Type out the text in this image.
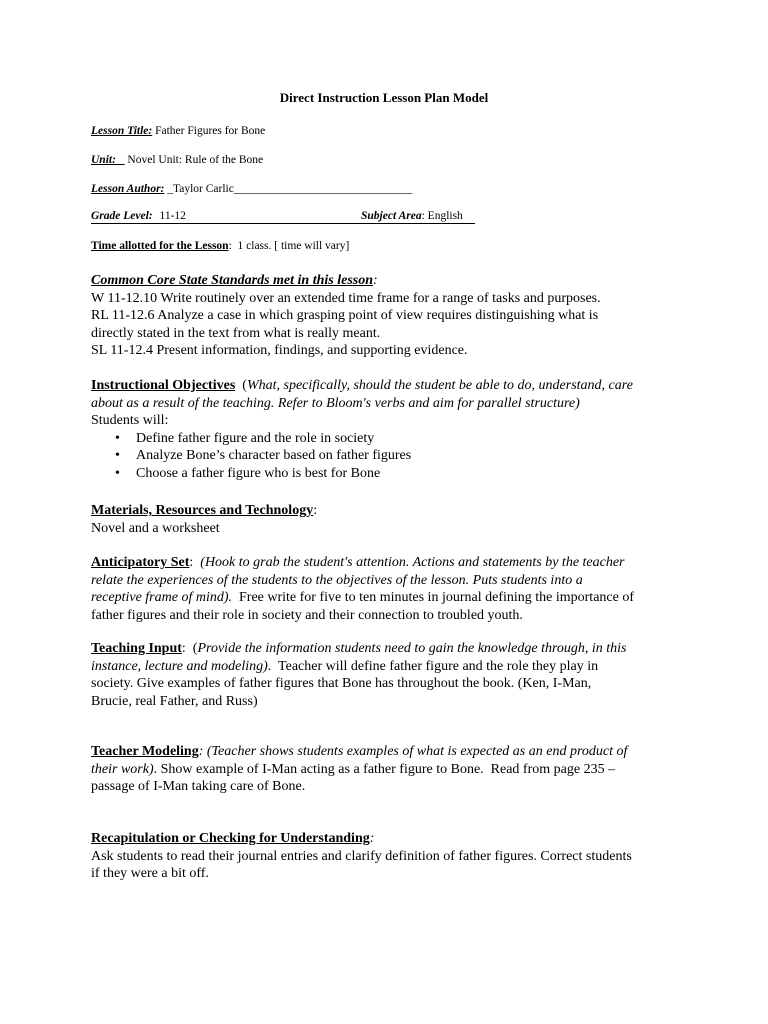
Direct Instruction Lesson Plan Model
Lesson Title: Father Figures for Bone
Unit: Novel Unit: Rule of the Bone
Lesson Author: _Taylor Carlic_______________________________
Grade Level: 11-12	Subject Area: English
Time allotted for the Lesson:  1 class. [ time will vary]
Common Core State Standards met in this lesson:
W 11-12.10 Write routinely over an extended time frame for a range of tasks and purposes.
RL 11-12.6 Analyze a case in which grasping point of view requires distinguishing what is
directly stated in the text from what is really meant.
SL 11-12.4 Present information, findings, and supporting evidence.
Instructional Objectives  (What, specifically, should the student be able to do, understand, care
about as a result of the teaching. Refer to Bloom's verbs and aim for parallel structure)
Students will:
• Define father figure and the role in society
• Analyze Bone’s character based on father figures
• Choose a father figure who is best for Bone
Materials, Resources and Technology:
Novel and a worksheet
Anticipatory Set:  (Hook to grab the student's attention. Actions and statements by the teacher
relate the experiences of the students to the objectives of the lesson. Puts students into a
receptive frame of mind).  Free write for five to ten minutes in journal defining the importance of
father figures and their role in society and their connection to troubled youth.
Teaching Input:  (Provide the information students need to gain the knowledge through, in this
instance, lecture and modeling).  Teacher will define father figure and the role they play in
society. Give examples of father figures that Bone has throughout the book. (Ken, I-Man,
Brucie, real Father, and Russ)
Teacher Modeling: (Teacher shows students examples of what is expected as an end product of
their work). Show example of I-Man acting as a father figure to Bone.  Read from page 235 –
passage of I-Man taking care of Bone.
Recapitulation or Checking for Understanding:
Ask students to read their journal entries and clarify definition of father figures. Correct students
if they were a bit off.
